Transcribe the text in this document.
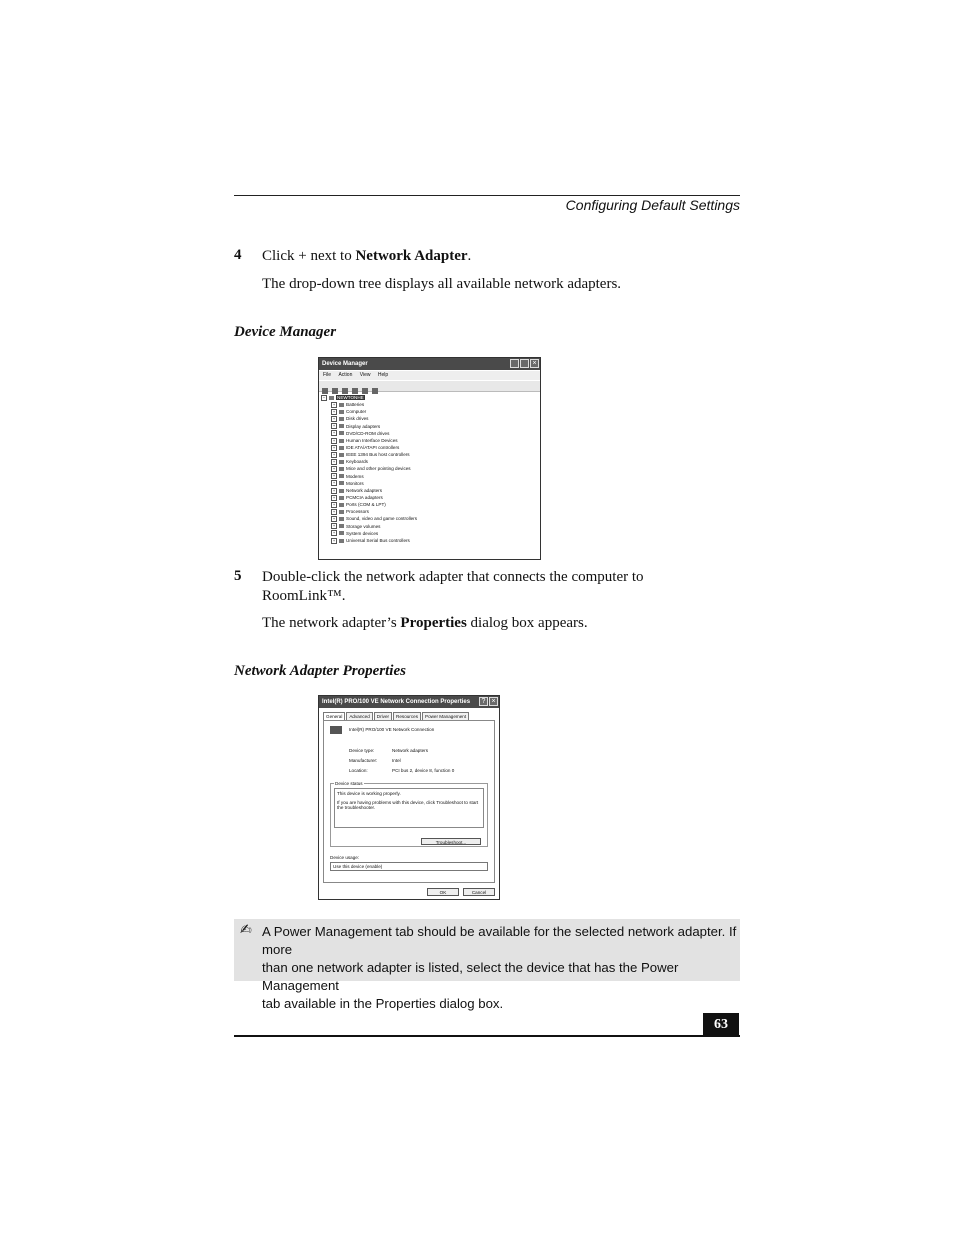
Configuring Default Settings
4 Click + next to Network Adapter.
The drop-down tree displays all available network adapters.
Device Manager
Device Manager	×
File Action View Help
−	NEWTONHE
+ Batteries
+ Computer
+ Disk drives
+ Display adapters
+ DVD/CD-ROM drives
+ Human Interface Devices
+ IDE ATA/ATAPI controllers
+ IEEE 1394 Bus host controllers
+ Keyboards
+ Mice and other pointing devices
+ Modems
+ Monitors
+ Network adapters
+ PCMCIA adapters
+ Ports (COM & LPT)
+ Processors
+ Sound, video and game controllers
+ Storage volumes
+ System devices
+ Universal Serial Bus controllers
5 Double-click the network adapter that connects the computer to
RoomLink™.
The network adapter’s Properties dialog box appears.
Network Adapter Properties
Intel(R) PRO/100 VE Network Connection Properties	? ×
General Advanced Driver Resources Power Management
Intel(R) PRO/100 VE Network Connection
Device type:	Network adapters
Manufacturer:	Intel
Location:	PCI bus 2, device 8, function 0
Device status
This device is working properly.
If you are having problems with this device, click Troubleshoot to start the troubleshooter.
Troubleshoot...
Device usage:
Use this device (enable)
OK	Cancel
✍ A Power Management tab should be available for the selected network adapter. If more
than one network adapter is listed, select the device that has the Power Management
tab available in the Properties dialog box.
63
